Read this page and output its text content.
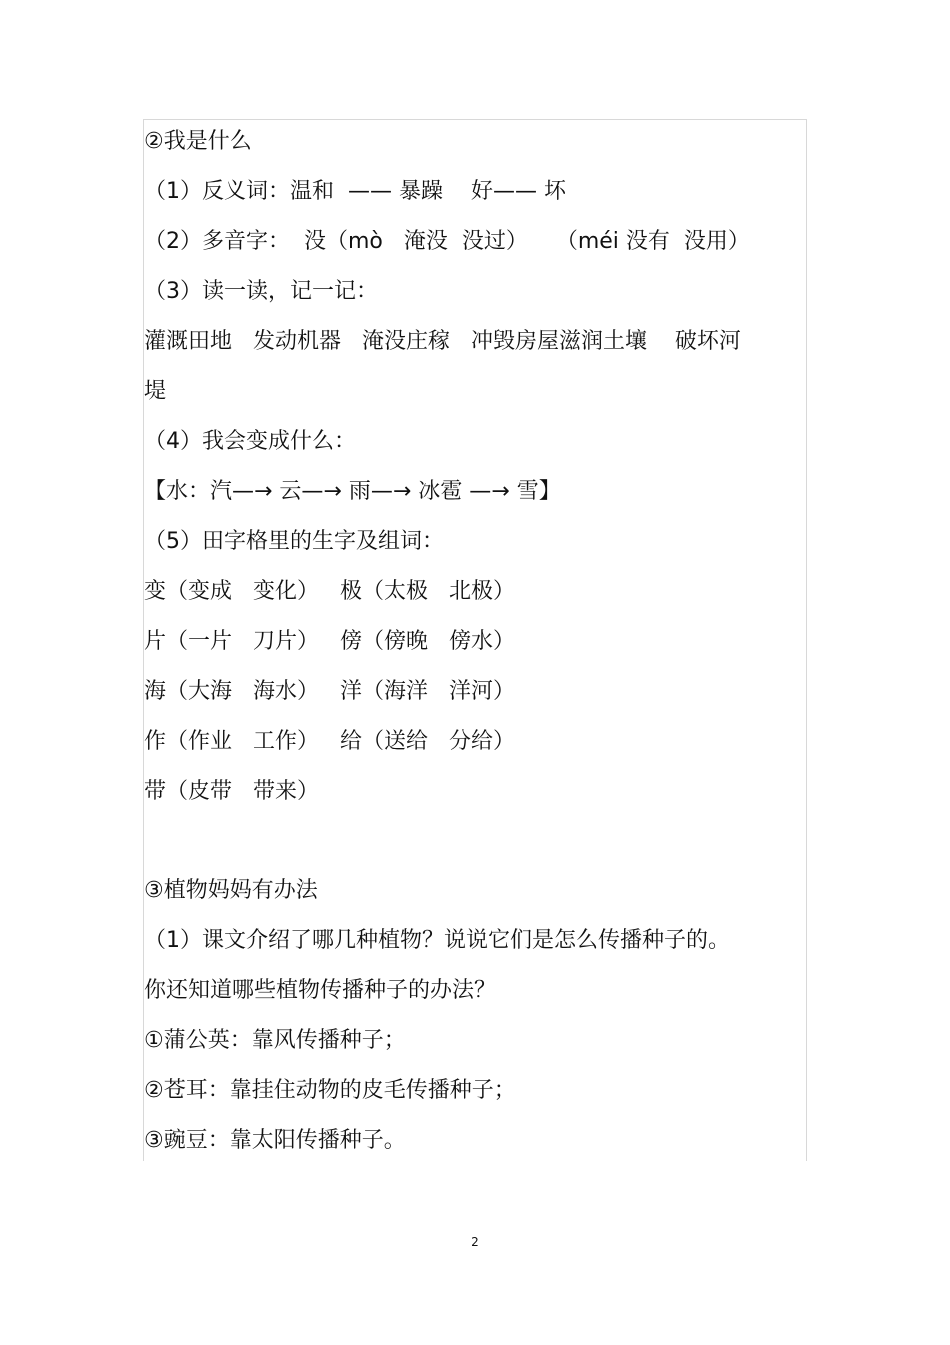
②我是什么
（1）反义词：温和  —— 暴躁    好—— 坏
（2）多音字：  没（mò   淹没  没过）    （méi 没有  没用）
（3）读一读，记一记：
灌溉田地   发动机器   淹没庄稼   冲毁房屋滋润土壤    破坏河
堤
（4）我会变成什么：
【水：汽—→ 云—→ 雨—→ 冰雹 —→ 雪】
（5）田字格里的生字及组词：
变（变成   变化）   极（太极   北极）
片（一片   刀片）   傍（傍晚   傍水）
海（大海   海水）   洋（海洋   洋河）
作（作业   工作）   给（送给   分给）
带（皮带   带来）
③植物妈妈有办法
（1）课文介绍了哪几种植物？说说它们是怎么传播种子的。
你还知道哪些植物传播种子的办法？
①蒲公英：靠风传播种子；
②苍耳：靠挂住动物的皮毛传播种子；
③豌豆：靠太阳传播种子。
2
